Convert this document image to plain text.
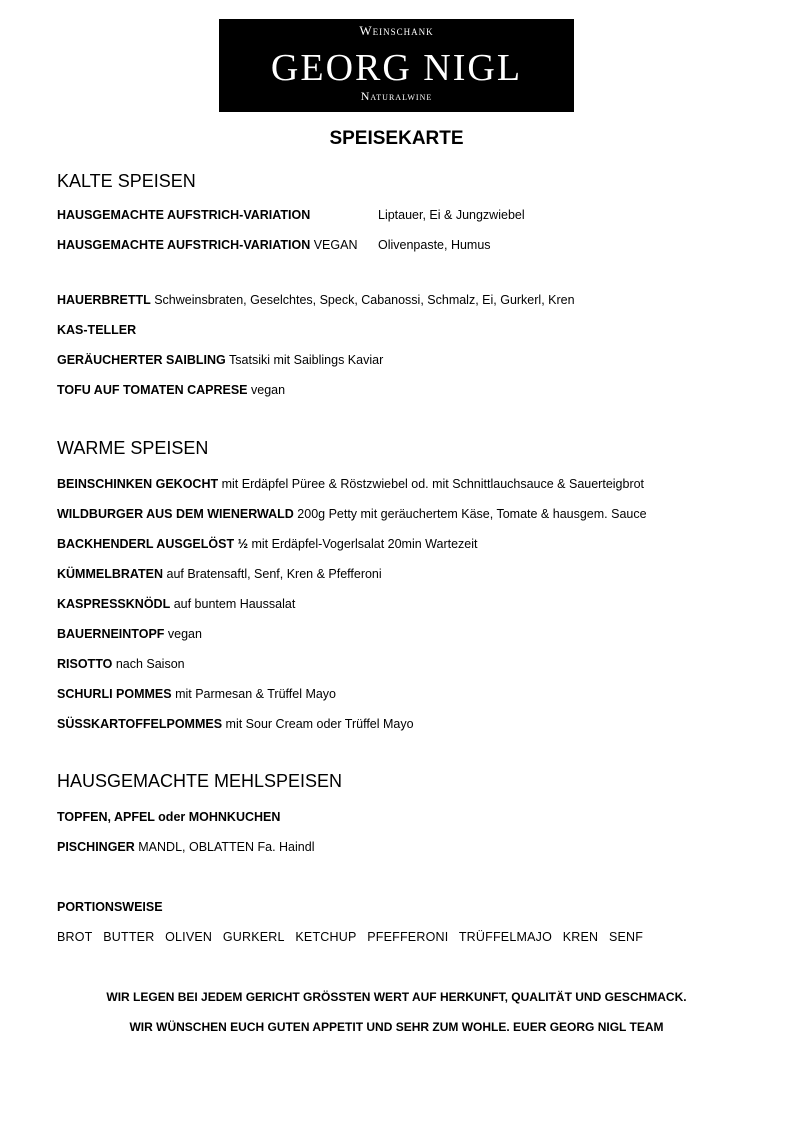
Weinschank
GEORG NIGL
Naturalwine
SPEISEKARTE
KALTE SPEISEN
HAUSGEMACHTE AUFSTRICH-VARIATION	Liptauer, Ei & Jungzwiebel
HAUSGEMACHTE AUFSTRICH-VARIATION VEGAN Olivenpaste, Humus
HAUERBRETTL Schweinsbraten, Geselchtes, Speck, Cabanossi, Schmalz, Ei, Gurkerl, Kren
KAS-TELLER
GERÄUCHERTER SAIBLING Tsatsiki mit Saiblings Kaviar
TOFU AUF TOMATEN CAPRESE vegan
WARME SPEISEN
BEINSCHINKEN GEKOCHT mit Erdäpfel Püree & Röstzwiebel od. mit Schnittlauchsauce & Sauerteigbrot
WILDBURGER AUS DEM WIENERWALD 200g Petty mit geräuchertem Käse, Tomate & hausgem. Sauce
BACKHENDERL AUSGELÖST ½ mit Erdäpfel-Vogerlsalat 20min Wartezeit
KÜMMELBRATEN auf Bratensaftl, Senf, Kren & Pfefferoni
KASPRESSKNÖDL auf buntem Haussalat
BAUERNEINTOPF vegan
RISOTTO nach Saison
SCHURLI POMMES mit Parmesan & Trüffel Mayo
SÜSSKARTOFFELPOMMES mit Sour Cream oder Trüffel Mayo
HAUSGEMACHTE MEHLSPEISEN
TOPFEN, APFEL oder MOHNKUCHEN
PISCHINGER MANDL, OBLATTEN Fa. Haindl
PORTIONSWEISE
BROT BUTTER OLIVEN GURKERL KETCHUP PFEFFERONI TRÜFFELMAJO KREN SENF
WIR LEGEN BEI JEDEM GERICHT GRÖSSTEN WERT AUF HERKUNFT, QUALITÄT UND GESCHMACK.
WIR WÜNSCHEN EUCH GUTEN APPETIT UND SEHR ZUM WOHLE. EUER GEORG NIGL TEAM
